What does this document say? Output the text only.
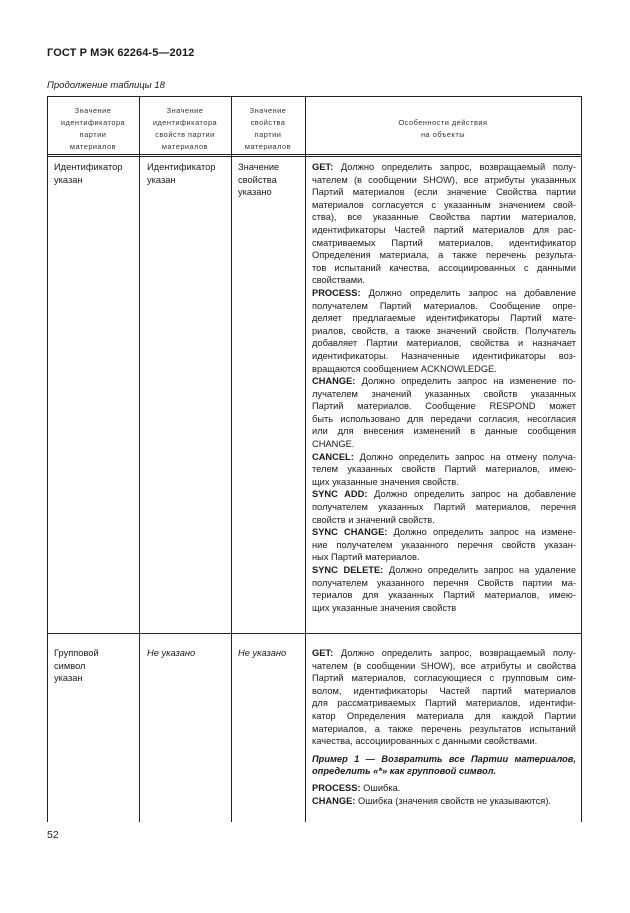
ГОСТ Р МЭК 62264-5—2012
Продолжение таблицы 18
Значение
идентификатора
партии
материалов
Значение
идентификатора
свойств партии
материалов
Значение
свойства
партии
материалов
Особенности действия
на объекты
Идентификатор
указан
Идентификатор
указан
Значение
свойства
указано
GET: Должно определить запрос, возвращаемый полу-
чателем (в сообщении SHOW), все атрибуты указанных
Партий материалов (если значение Свойства партии
материалов согласуется с указанным значением свой-
ства), все указанные Свойства партии материалов,
идентификаторы Частей партий материалов для рас-
сматриваемых Партий материалов, идентификатор
Определения материала, а также перечень результа-
тов испытаний качества, ассоциированных с данными
свойствами.
PROCESS: Должно определить запрос на добавление
получателем Партий материалов. Сообщение опре-
деляет предлагаемые идентификаторы Партий мате-
риалов, свойств, а также значений свойств. Получатель
добавляет Партии материалов, свойства и назначает
идентификаторы. Назначенные идентификаторы воз-
вращаются сообщением ACKNOWLEDGE.
CHANGE: Должно определить запрос на изменение по-
лучателем значений указанных свойств указанных
Партий материалов. Сообщение RESPOND может
быть использовано для передачи согласия, несогласия
или для внесения изменений в данные сообщения
CHANGE.
CANCEL: Должно определить запрос на отмену получа-
телем указанных свойств Партий материалов, имею-
щих указанные значения свойств.
SYNC ADD: Должно определить запрос на добавление
получателем указанных Партий материалов, перечня
свойств и значений свойств.
SYNC CHANGE: Должно определить запрос на измене-
ние получателем указанного перечня свойств указан-
ных Партий материалов.
SYNC DELETE: Должно определить запрос на удаление
получателем указанного перечня Свойств партии ма-
териалов для указанных Партий материалов, имею-
щих указанные значения свойств
Групповой
символ
указан
Не указано	Не указано	GET: Должно определить запрос, возвращаемый полу-
чателем (в сообщении SHOW), все атрибуты и свойства
Партий материалов, согласующиеся с групповым сим-
волом, идентификаторы Частей партий материалов
для рассматриваемых Партий материалов, идентифи-
катор Определения материала для каждой Партии
материалов, а также перечень результатов испытаний
качества, ассоциированных с данными свойствами.
Пример 1 — Возвратить все Партии материалов,
определить «*» как групповой символ.
PROCESS: Ошибка.
CHANGE: Ошибка (значения свойств не указываются).
52
